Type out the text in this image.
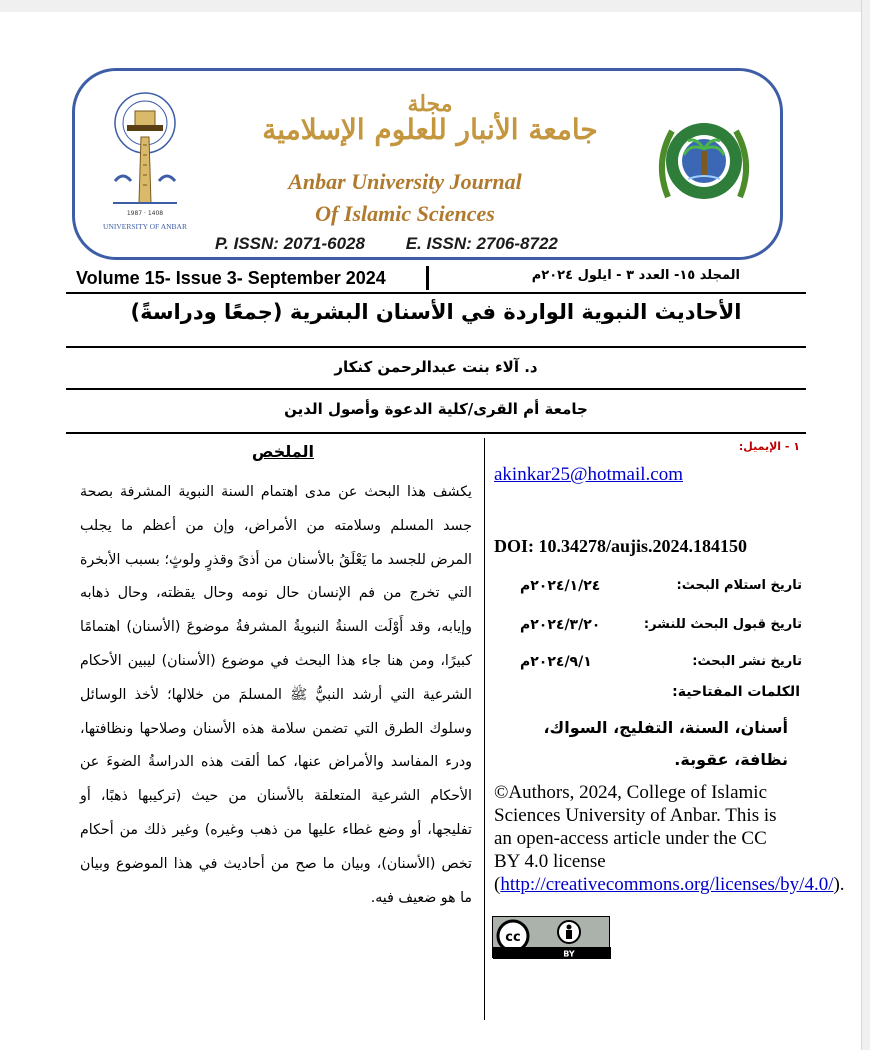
1987 · 1408
UNIVERSITY OF ANBAR
مجلة
جامعة الأنبار للعلوم الإسلامية
Anbar University Journal
Of Islamic Sciences
P. ISSN: 2071-6028 E. ISSN: 2706-8722
Volume 15- Issue 3- September 2024	المجلد ١٥- العدد ٣ - ايلول ٢٠٢٤م
الأحاديث النبوية الواردة في الأسنان البشرية (جمعًا ودراسةً)
د. آلاء بنت عبدالرحمن كنكار
جامعة أم القرى/كلية الدعوة وأصول الدين
الملخص
يكشف هذا البحث عن مدى اهتمام السنة النبوية المشرفة بصحة جسد المسلم وسلامته من الأمراض، وإن من أعظم ما يجلب المرض للجسد ما يَعْلَقُ بالأسنان من أذىً وقذرٍ ولوثٍ؛ بسبب الأبخرة التي تخرج من فم الإنسان حال نومه وحال يقظته، وحال ذهابه وإيابه، وقد أَوْلَت السنةُ النبويةُ المشرفةُ موضوعَ (الأسنان) اهتمامًا كبيرًا، ومن هنا جاء هذا البحث في موضوع (الأسنان) ليبين الأحكام الشرعية التي أرشد النبيُّ ﷺ المسلمَ من خلالها؛ لأخذ الوسائل وسلوك الطرق التي تضمن سلامة هذه الأسنان وصلاحها ونظافتها، ودرء المفاسد والأمراض عنها، كما ألقت هذه الدراسةُ الضوءَ عن الأحكام الشرعية المتعلقة بالأسنان من حيث (تركيبها ذهبًا، أو تفليجها، أو وضع غطاء عليها من ذهب وغيره) وغير ذلك من أحكام تخص (الأسنان)، وبيان ما صح من أحاديث في هذا الموضوع وبيان ما هو ضعيف فيه.
١ - الإيميل:
akinkar25@hotmail.com
DOI: 10.34278/aujis.2024.184150
تاريخ استلام البحث:
٢٠٢٤/١/٢٤م
تاريخ قبول البحث للنشر:
٢٠٢٤/٣/٢٠م
تاريخ نشر البحث:
٢٠٢٤/٩/١م
الكلمات المفتاحية:
أسنان، السنة، التفليج، السواك، نظافة، عقوبة.
©Authors, 2024, College of Islamic Sciences University of Anbar. This is an open-access article under the CC BY 4.0 license (http://creativecommons.org/licenses/by/4.0/).
cc
BY
